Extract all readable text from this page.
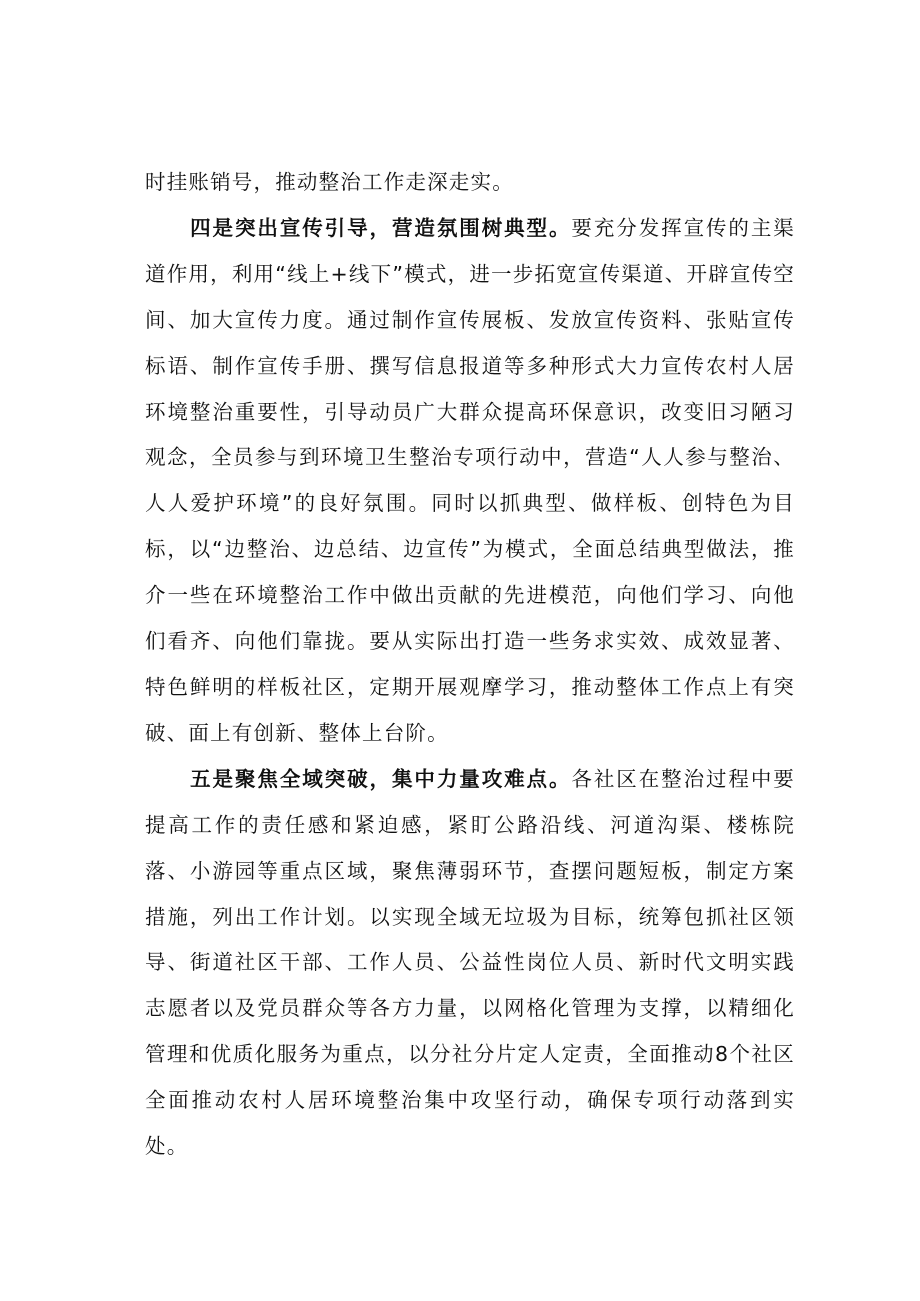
时挂账销号，推动整治工作走深走实。

四是突出宣传引导，营造氛围树典型。要充分发挥宣传的主渠道作用，利用“线上+线下”模式，进一步拓宽宣传渠道、开辟宣传空间、加大宣传力度。通过制作宣传展板、发放宣传资料、张贴宣传标语、制作宣传手册、撰写信息报道等多种形式大力宣传农村人居环境整治重要性，引导动员广大群众提高环保意识，改变旧习陋习观念，全员参与到环境卫生整治专项行动中，营造“人人参与整治、人人爱护环境”的良好氛围。同时以抓典型、做样板、创特色为目标，以“边整治、边总结、边宣传”为模式，全面总结典型做法，推介一些在环境整治工作中做出贡献的先进模范，向他们学习、向他们看齐、向他们靠拢。要从实际出打造一些务求实效、成效显著、特色鲜明的样板社区，定期开展观摩学习，推动整体工作点上有突破、面上有创新、整体上台阶。

五是聚焦全域突破，集中力量攻难点。各社区在整治过程中要提高工作的责任感和紧迫感，紧盯公路沿线、河道沟渠、楼栋院落、小游园等重点区域，聚焦薄弱环节，查摆问题短板，制定方案措施，列出工作计划。以实现全域无垃圾为目标，统筹包抓社区领导、街道社区干部、工作人员、公益性岗位人员、新时代文明实践志愿者以及党员群众等各方力量，以网格化管理为支撑，以精细化管理和优质化服务为重点，以分社分片定人定责，全面推动8个社区全面推动农村人居环境整治集中攻坚行动，确保专项行动落到实处。
